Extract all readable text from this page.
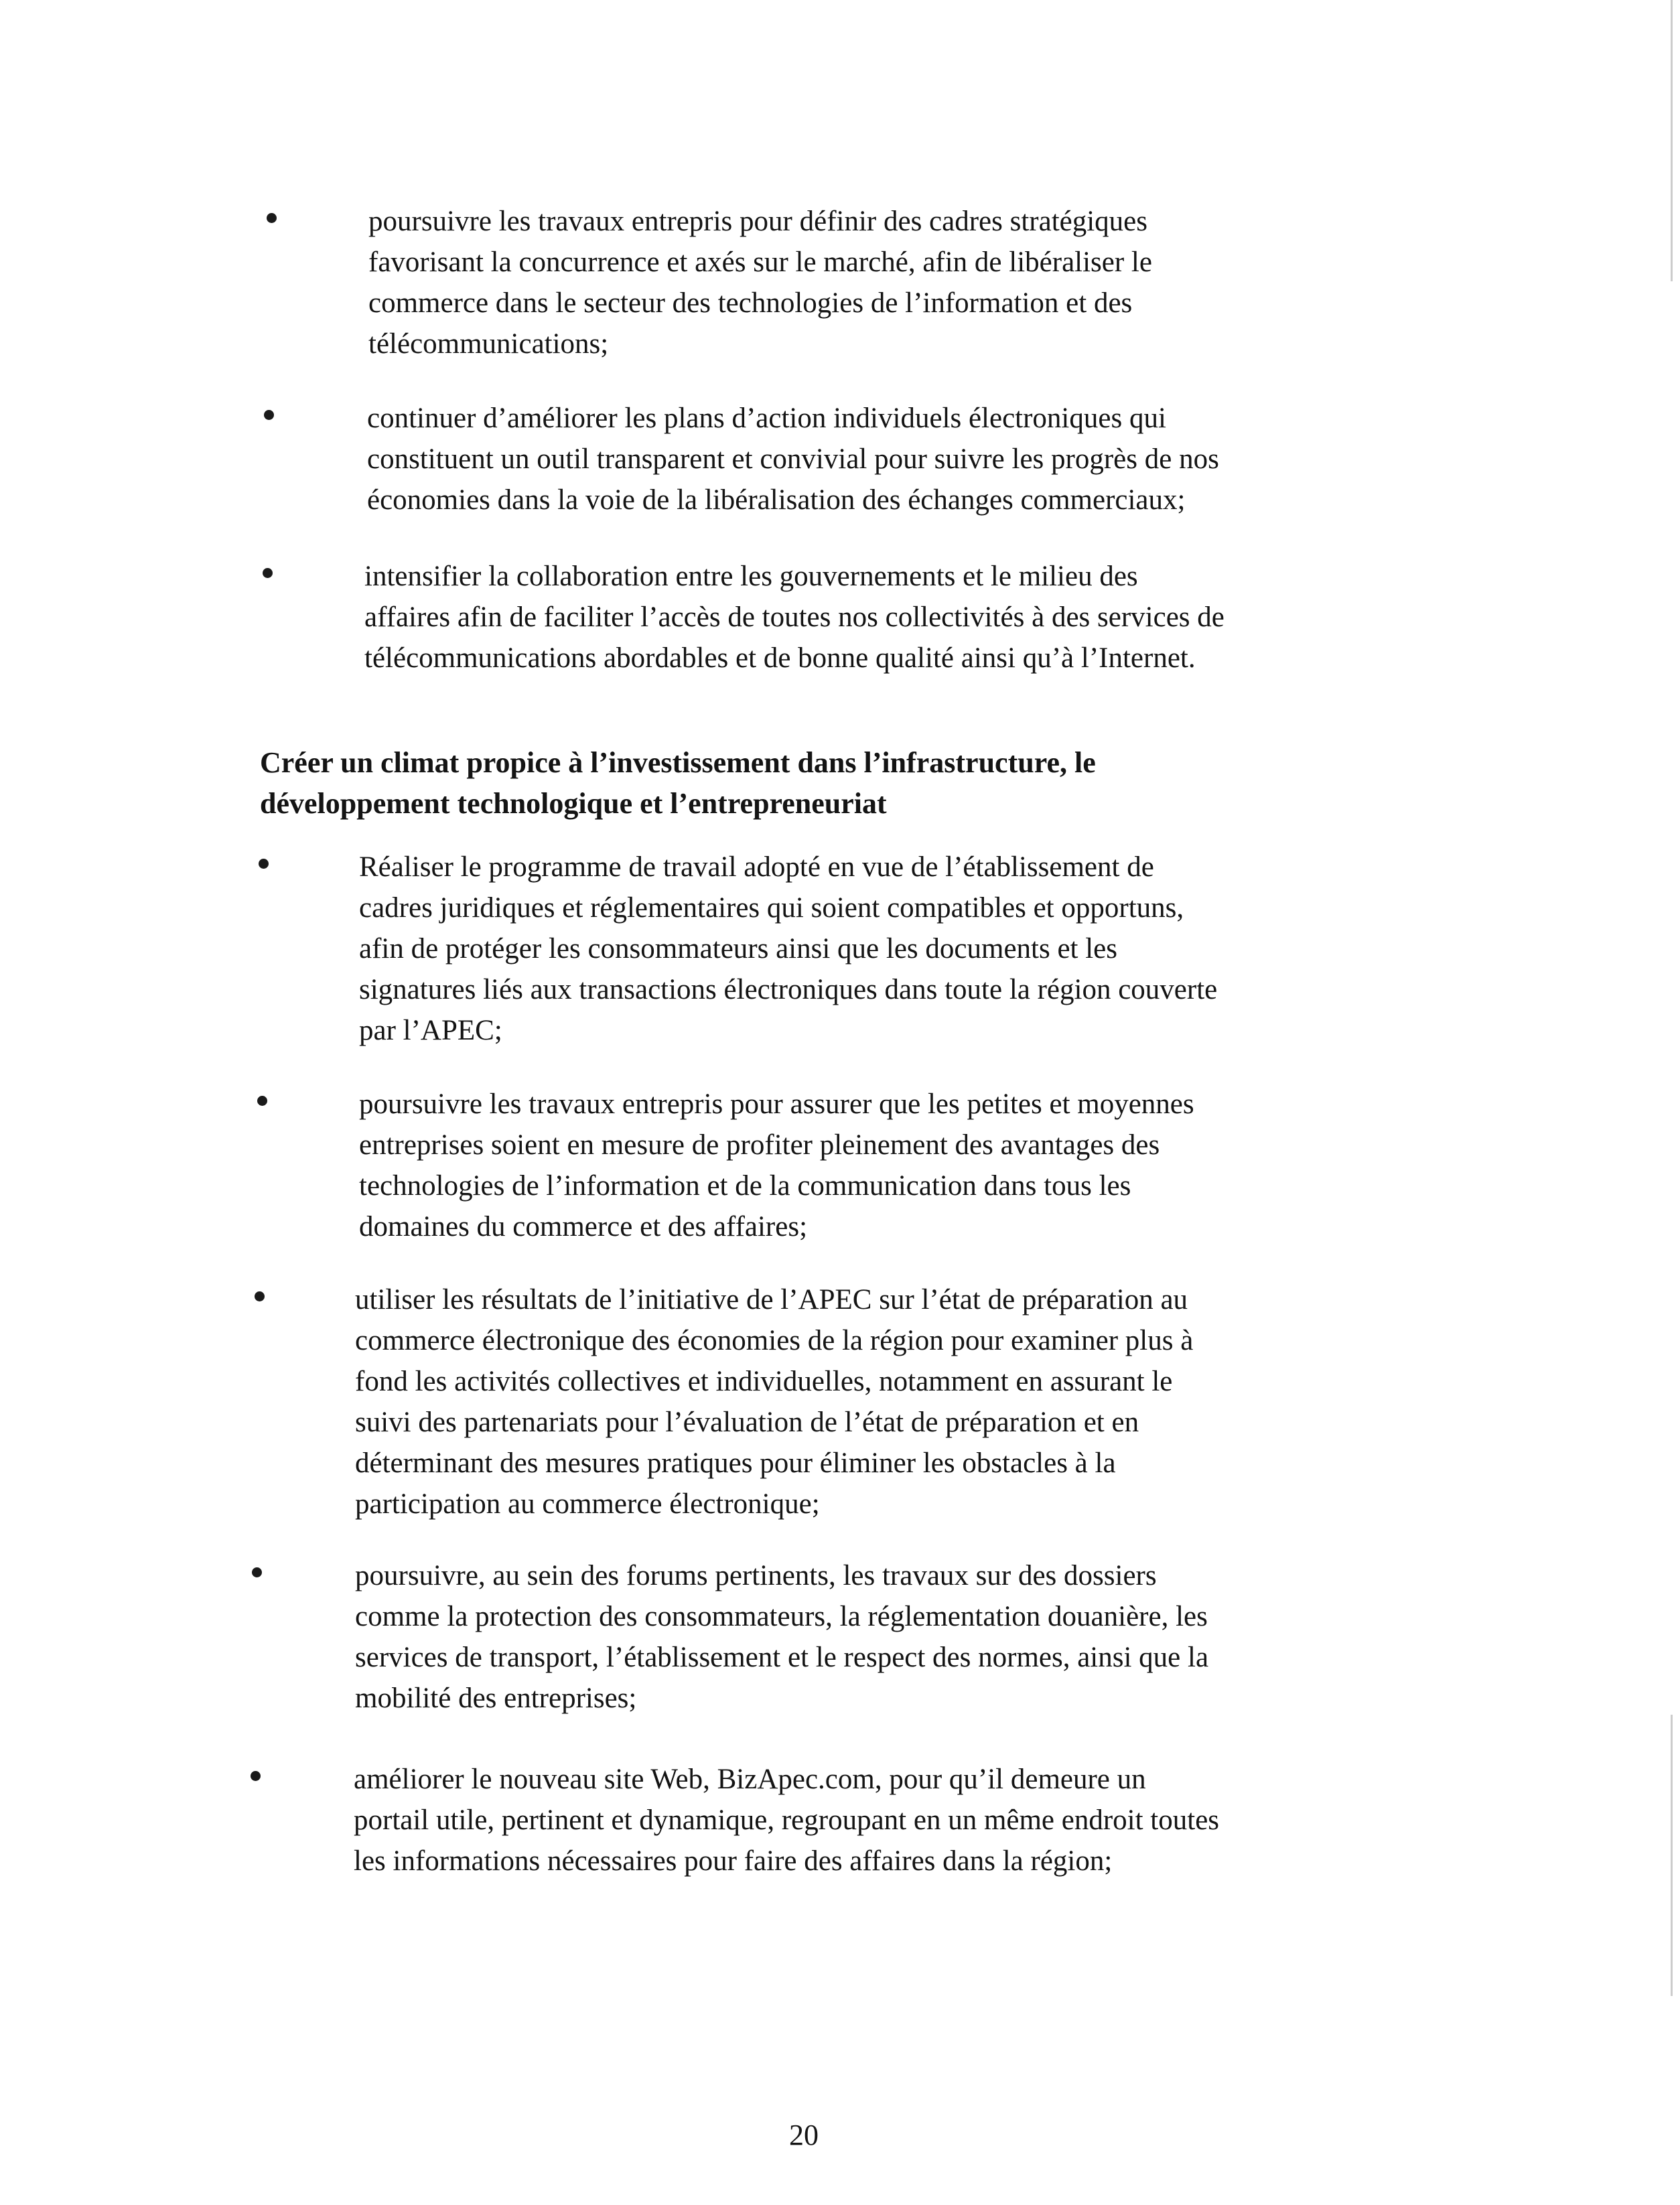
poursuivre les travaux entrepris pour définir des cadres stratégiques
favorisant la concurrence et axés sur le marché, afin de libéraliser le
commerce dans le secteur des technologies de l’information et des
télécommunications;
continuer d’améliorer les plans d’action individuels électroniques qui
constituent un outil transparent et convivial pour suivre les progrès de nos
économies dans la voie de la libéralisation des échanges commerciaux;
intensifier la collaboration entre les gouvernements et le milieu des
affaires afin de faciliter l’accès de toutes nos collectivités à des services de
télécommunications abordables et de bonne qualité ainsi qu’à l’Internet.
Créer un climat propice à l’investissement dans l’infrastructure, le
développement technologique et l’entrepreneuriat
Réaliser le programme de travail adopté en vue de l’établissement de
cadres juridiques et réglementaires qui soient compatibles et opportuns,
afin de protéger les consommateurs ainsi que les documents et les
signatures liés aux transactions électroniques dans toute la région couverte
par l’APEC;
poursuivre les travaux entrepris pour assurer que les petites et moyennes
entreprises soient en mesure de profiter pleinement des avantages des
technologies de l’information et de la communication dans tous les
domaines du commerce et des affaires;
utiliser les résultats de l’initiative de l’APEC sur l’état de préparation au
commerce électronique des économies de la région pour examiner plus à
fond les activités collectives et individuelles, notamment en assurant le
suivi des partenariats pour l’évaluation de l’état de préparation et en
déterminant des mesures pratiques pour éliminer les obstacles à la
participation au commerce électronique;
poursuivre, au sein des forums pertinents, les travaux sur des dossiers
comme la protection des consommateurs, la réglementation douanière, les
services de transport, l’établissement et le respect des normes, ainsi que la
mobilité des entreprises;
améliorer le nouveau site Web, BizApec.com, pour qu’il demeure un
portail utile, pertinent et dynamique, regroupant en un même endroit toutes
les informations nécessaires pour faire des affaires dans la région;
20
